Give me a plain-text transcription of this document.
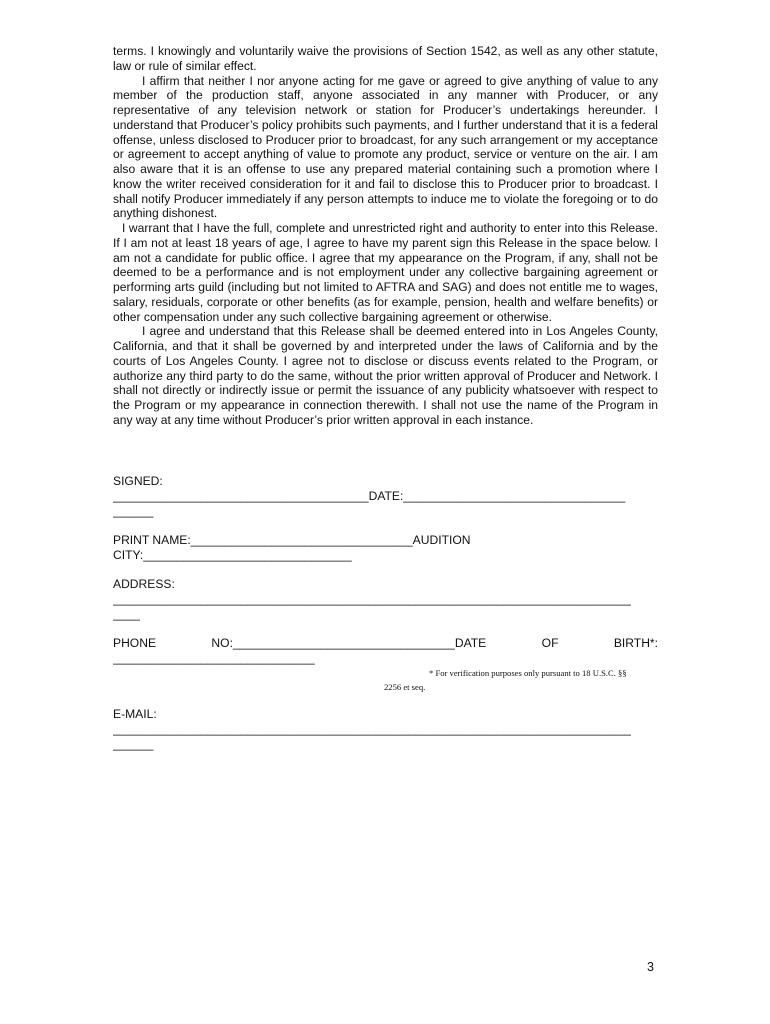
terms. I knowingly and voluntarily waive the provisions of Section 1542, as well as any other statute, law or rule of similar effect.

I affirm that neither I nor anyone acting for me gave or agreed to give anything of value to any member of the production staff, anyone associated in any manner with Producer, or any representative of any television network or station for Producer’s undertakings hereunder. I understand that Producer’s policy prohibits such payments, and I further understand that it is a federal offense, unless disclosed to Producer prior to broadcast, for any such arrangement or my acceptance or agreement to accept anything of value to promote any product, service or venture on the air. I am also aware that it is an offense to use any prepared material containing such a promotion where I know the writer received consideration for it and fail to disclose this to Producer prior to broadcast. I shall notify Producer immediately if any person attempts to induce me to violate the foregoing or to do anything dishonest.

I warrant that I have the full, complete and unrestricted right and authority to enter into this Release. If I am not at least 18 years of age, I agree to have my parent sign this Release in the space below. I am not a candidate for public office. I agree that my appearance on the Program, if any, shall not be deemed to be a performance and is not employment under any collective bargaining agreement or performing arts guild (including but not limited to AFTRA and SAG) and does not entitle me to wages, salary, residuals, corporate or other benefits (as for example, pension, health and welfare benefits) or other compensation under any such collective bargaining agreement or otherwise.

I agree and understand that this Release shall be deemed entered into in Los Angeles County, California, and that it shall be governed by and interpreted under the laws of California and by the courts of Los Angeles County. I agree not to disclose or discuss events related to the Program, or authorize any third party to do the same, without the prior written approval of Producer and Network. I shall not directly or indirectly issue or permit the issuance of any publicity whatsoever with respect to the Program or my appearance in connection therewith. I shall not use the name of the Program in any way at any time without Producer’s prior written approval in each instance.

SIGNED:
______________________________________DATE:_________________________________
______
PRINT NAME:_________________________________AUDITION
CITY:_______________________________
ADDRESS:
_____________________________________________________________________________
____
PHONE	NO:_________________________________DATE	OF	BIRTH*:
______________________________
* For verification purposes only pursuant to 18 U.S.C. §§
2256 et seq.
E-MAIL:
_____________________________________________________________________________
______
3
